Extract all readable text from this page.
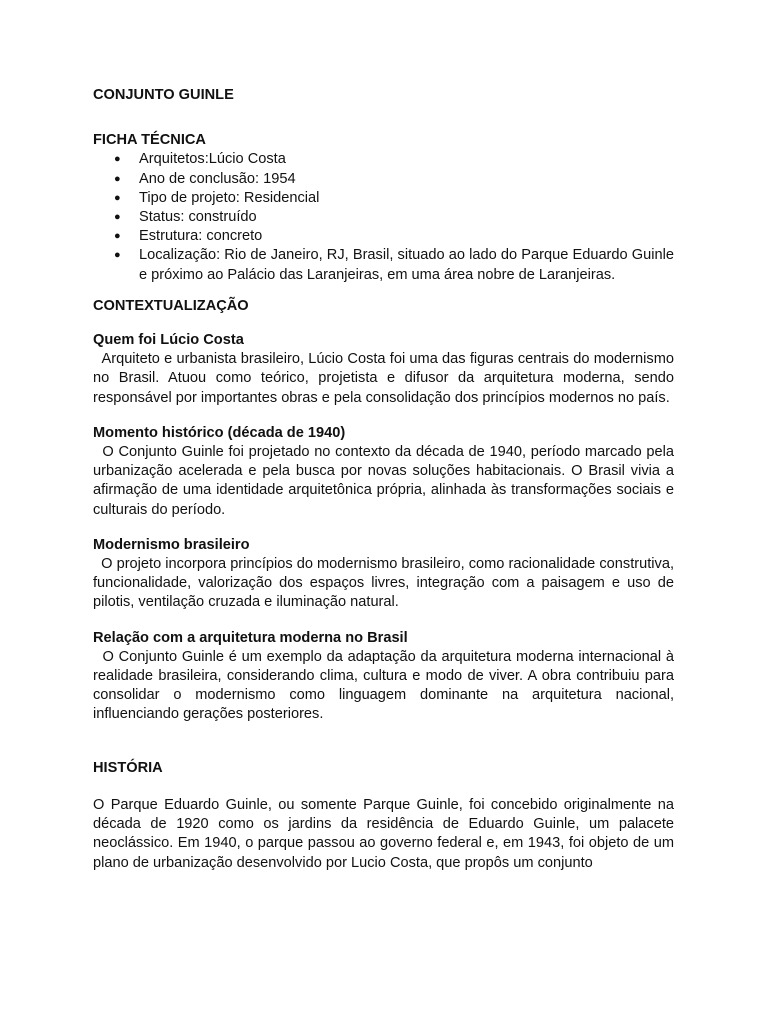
CONJUNTO GUINLE
FICHA TÉCNICA
● Arquitetos:Lúcio Costa
● Ano de conclusão: 1954
● Tipo de projeto: Residencial
● Status: construído
● Estrutura: concreto
● Localização: Rio de Janeiro, RJ, Brasil, situado ao lado do Parque Eduardo Guinle e próximo ao Palácio das Laranjeiras, em uma área nobre de Laranjeiras.
CONTEXTUALIZAÇÃO
Quem foi Lúcio Costa

Arquiteto e urbanista brasileiro, Lúcio Costa foi uma das figuras centrais do modernismo no Brasil. Atuou como teórico, projetista e difusor da arquitetura moderna, sendo responsável por importantes obras e pela consolidação dos princípios modernos no país.

Momento histórico (década de 1940)

O Conjunto Guinle foi projetado no contexto da década de 1940, período marcado pela urbanização acelerada e pela busca por novas soluções habitacionais. O Brasil vivia a afirmação de uma identidade arquitetônica própria, alinhada às transformações sociais e culturais do período.

Modernismo brasileiro

O projeto incorpora princípios do modernismo brasileiro, como racionalidade construtiva, funcionalidade, valorização dos espaços livres, integração com a paisagem e uso de pilotis, ventilação cruzada e iluminação natural.

Relação com a arquitetura moderna no Brasil

O Conjunto Guinle é um exemplo da adaptação da arquitetura moderna internacional à realidade brasileira, considerando clima, cultura e modo de viver. A obra contribuiu para consolidar o modernismo como linguagem dominante na arquitetura nacional, influenciando gerações posteriores.

HISTÓRIA

O Parque Eduardo Guinle, ou somente Parque Guinle, foi concebido originalmente na década de 1920 como os jardins da residência de Eduardo Guinle, um palacete neoclássico. Em 1940, o parque passou ao governo federal e, em 1943, foi objeto de um plano de urbanização desenvolvido por Lucio Costa, que propôs um conjunto
